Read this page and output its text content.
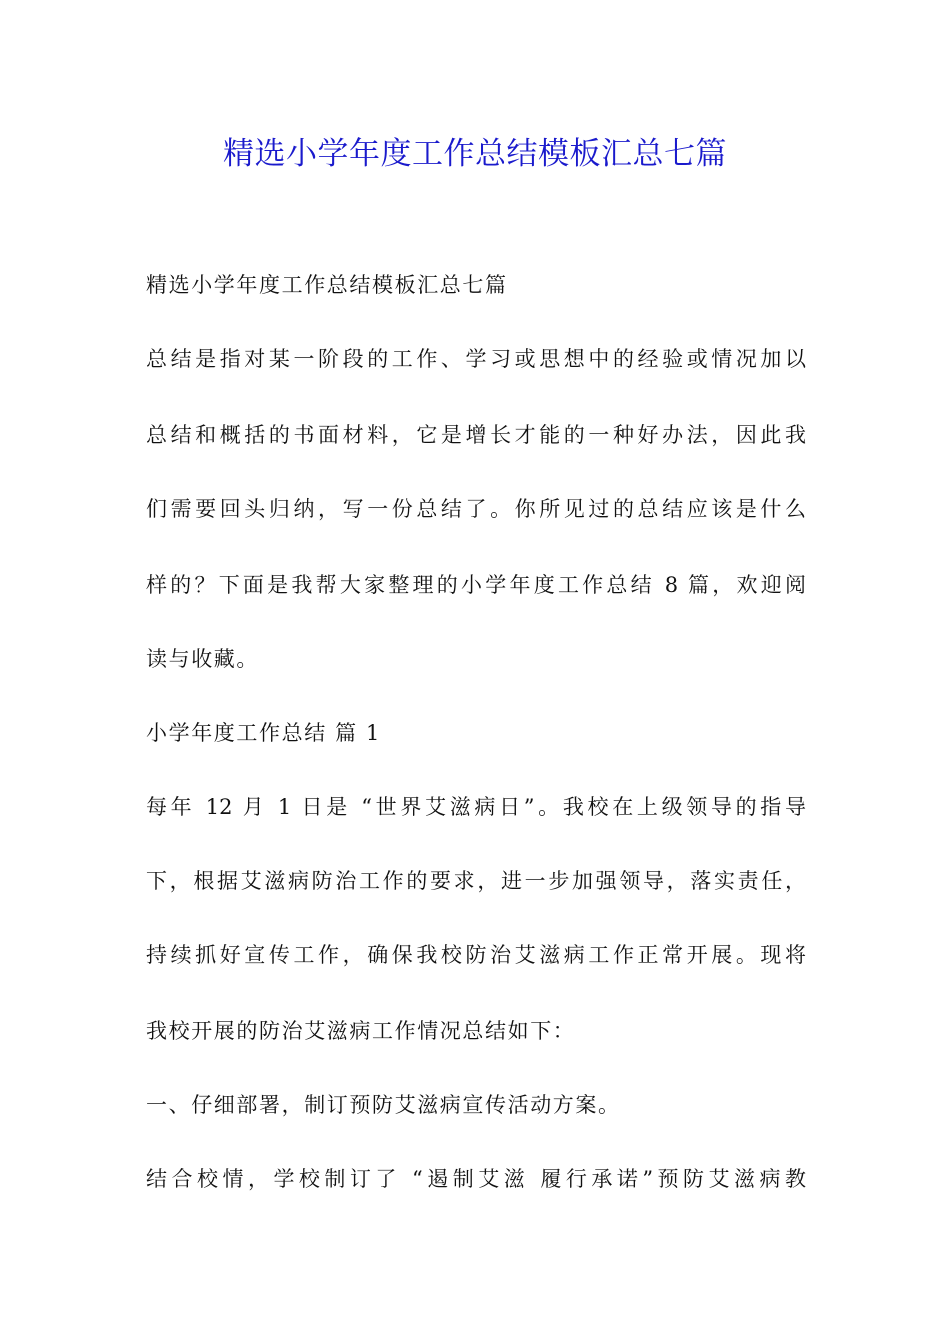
精选小学年度工作总结模板汇总七篇

精选小学年度工作总结模板汇总七篇

总结是指对某一阶段的工作、学习或思想中的经验或情况加以

总结和概括的书面材料，它是增长才能的一种好办法，因此我

们需要回头归纳，写一份总结了。你所见过的总结应该是什么

样的？下面是我帮大家整理的小学年度工作总结 8 篇，欢迎阅

读与收藏。

小学年度工作总结 篇 1

每年 12 月 1 日是 “世界艾滋病日”。我校在上级领导的指导

下，根据艾滋病防治工作的要求，进一步加强领导，落实责任，

持续抓好宣传工作，确保我校防治艾滋病工作正常开展。现将

我校开展的防治艾滋病工作情况总结如下：

一、仔细部署，制订预防艾滋病宣传活动方案。

结合校情，学校制订了 “遏制艾滋 履行承诺”预防艾滋病教
